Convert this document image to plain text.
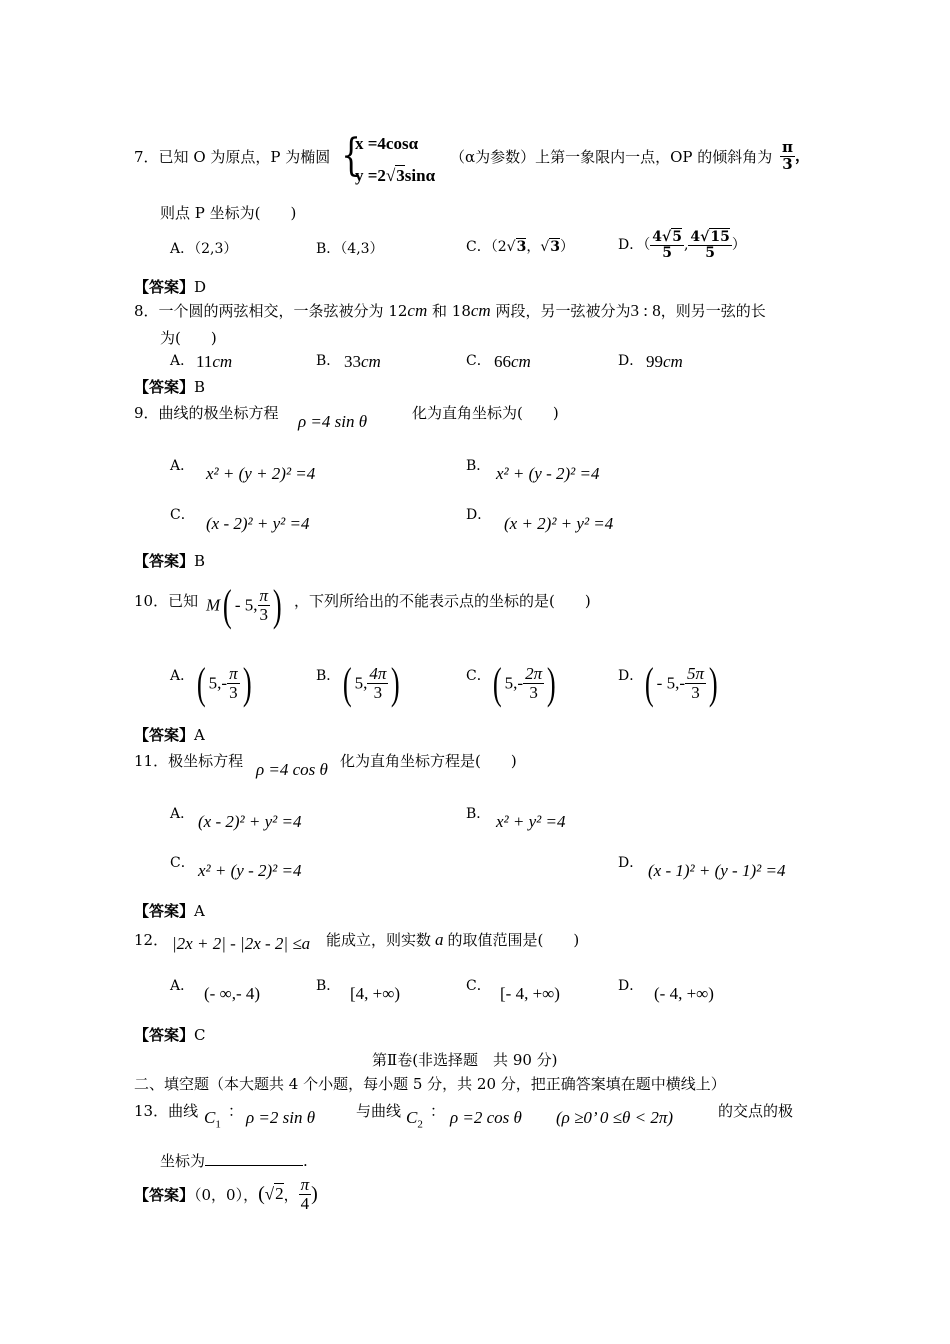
7．已知 O 为原点，P 为椭圆 {
x =4cosα
y =2√3sinα
（α为参数）上第一象限内一点，OP 的倾斜角为 $\frac{\pi}{3}$ ，
则点 P 坐标为(　　)
A．（2,3）	B．（4,3）	C．（2√3，√3）	D．（ $\frac{4√5}{5}$ , $\frac{4√15}{5}$ ）
【答案】D
8．一个圆的两弦相交，一条弦被分为 12cm 和 18cm 两段，另一弦被分为3 : 8，则另一弦的长
为(　　)
A． 11cm	B． 33cm	C． 66cm	D． 99cm
【答案】B
9．曲线的极坐标方程 ρ =4 sin θ	化为直角坐标为(　　)
A． x² + (y + 2)² =4	B． x² + (y - 2)² =4
C． (x - 2)² + y² =4	D． (x + 2)² + y² =4
【答案】B
10．已知 M( - 5, $\frac{\pi}{3}$ ) ，下列所给出的不能表示点的坐标的是(　　)
A． ( $5,- \frac{\pi}{3}$ )	B． ( 5, $\frac{4\pi}{3}$ )	C． ( $5,- \frac{2\pi}{3}$ )	D． ( - $5,- \frac{5\pi}{3}$ )
【答案】A
11．极坐标方程 ρ =4 cos θ 化为直角坐标方程是(　　)
A． (x - 2)² + y² =4	B． x² + y² =4
C． x² + (y - 2)² =4	D． (x - 1)² + (y - 1)² =4
【答案】A
12． |2x + 2| - |2x - 2| ≤a 能成立，则实数 a 的取值范围是(　　)
A． (- ∞,- 4)	B． [4, +∞)	C． [- 4, +∞)	D． (- 4, +∞)
【答案】C
第Ⅱ卷(非选择题　共 90 分)
二、填空题（本大题共 4 个小题，每小题 5 分，共 20 分，把正确答案填在题中横线上）
13．曲线 $C_1$
： ρ =2 sin θ	与曲线 $C_2$
： ρ =2 cos θ (ρ ≥0’ 0 ≤θ < 2π)	的交点的极
坐标为	.
【答案】（0，0），(√2， $\frac{\pi}{4}$ )
